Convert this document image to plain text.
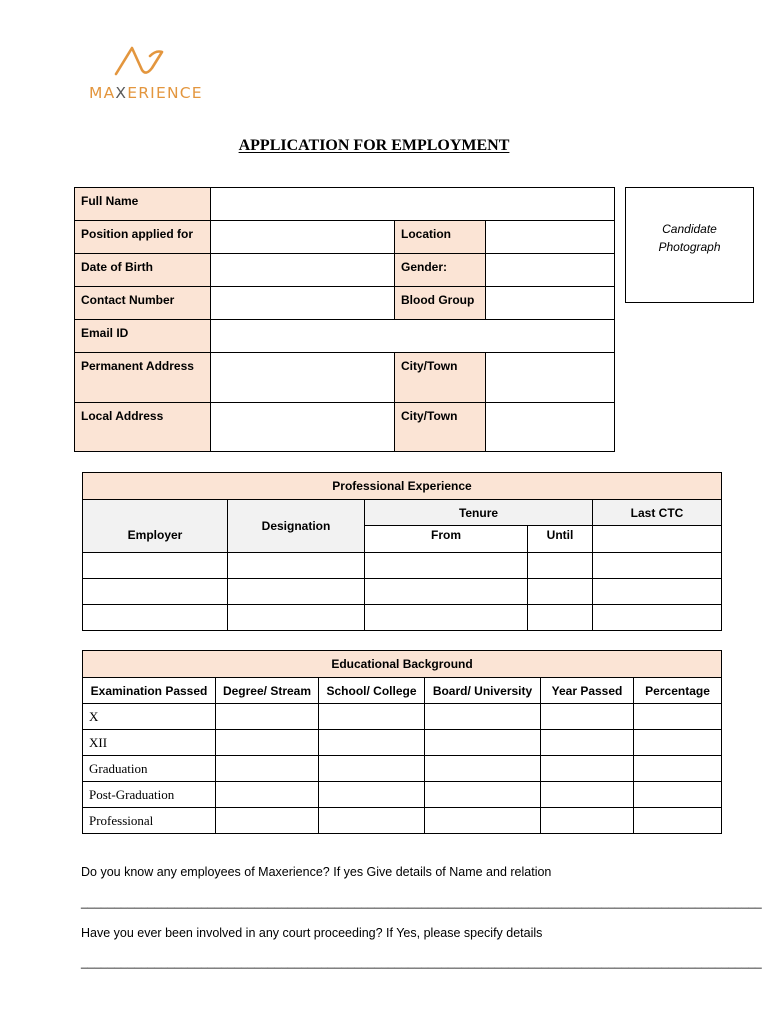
MAXERIENCE
APPLICATION FOR EMPLOYMENT
Full Name			
Position applied for		Location	
Date of Birth		Gender:	
Contact Number		Blood Group	
Email ID			
Permanent Address		City/Town	
Local Address		City/Town	
Candidate
Photograph
Professional Experience				
Employer	Designation	Tenure		Last CTC
		From	Until	

Educational Background					
Examination Passed	Degree/ Stream	School/ College	Board/ University	Year Passed	Percentage
X					
XII					
Graduation					
Post-Graduation					
Professional					
Do you know any employees of Maxerience? If yes Give details of Name and relation
______________________________________________________________________________________________________
Have you ever been involved in any court proceeding? If Yes, please specify details
______________________________________________________________________________________________________
